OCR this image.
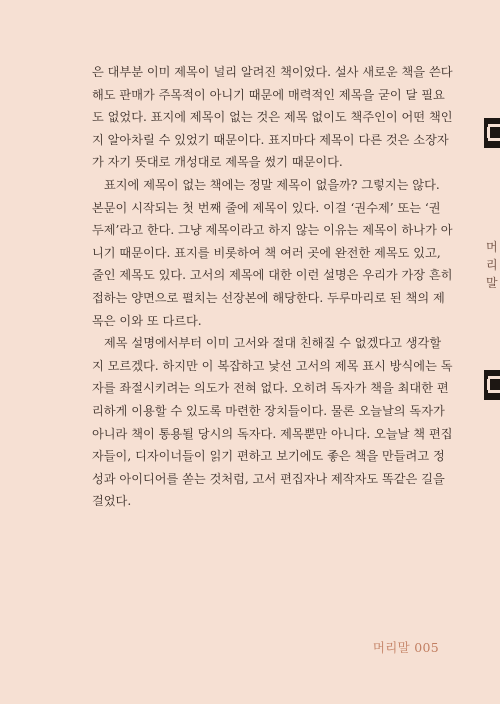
은 대부분 이미 제목이 널리 알려진 책이었다. 설사 새로운 책을 쓴다
해도 판매가 주목적이 아니기 때문에 매력적인 제목을 굳이 달 필요
도 없었다. 표지에 제목이 없는 것은 제목 없이도 책주인이 어떤 책인
지 알아차릴 수 있었기 때문이다. 표지마다 제목이 다른 것은 소장자
가 자기 뜻대로 개성대로 제목을 썼기 때문이다.
표지에 제목이 없는 책에는 정말 제목이 없을까? 그렇지는 않다.
본문이 시작되는 첫 번째 줄에 제목이 있다. 이걸 ‘권수제’ 또는 ‘권
두제’라고 한다. 그냥 제목이라고 하지 않는 이유는 제목이 하나가 아
니기 때문이다. 표지를 비롯하여 책 여러 곳에 완전한 제목도 있고,
줄인 제목도 있다. 고서의 제목에 대한 이런 설명은 우리가 가장 흔히
접하는 양면으로 펼치는 선장본에 해당한다. 두루마리로 된 책의 제
목은 이와 또 다르다.
제목 설명에서부터 이미 고서와 절대 친해질 수 없겠다고 생각할
지 모르겠다. 하지만 이 복잡하고 낯선 고서의 제목 표시 방식에는 독
자를 좌절시키려는 의도가 전혀 없다. 오히려 독자가 책을 최대한 편
리하게 이용할 수 있도록 마련한 장치들이다. 물론 오늘날의 독자가
아니라 책이 통용될 당시의 독자다. 제목뿐만 아니다. 오늘날 책 편집
자들이, 디자이너들이 읽기 편하고 보기에도 좋은 책을 만들려고 정
성과 아이디어를 쏟는 것처럼, 고서 편집자나 제작자도 똑같은 길을
걸었다.
머리말 005
머
리
말
